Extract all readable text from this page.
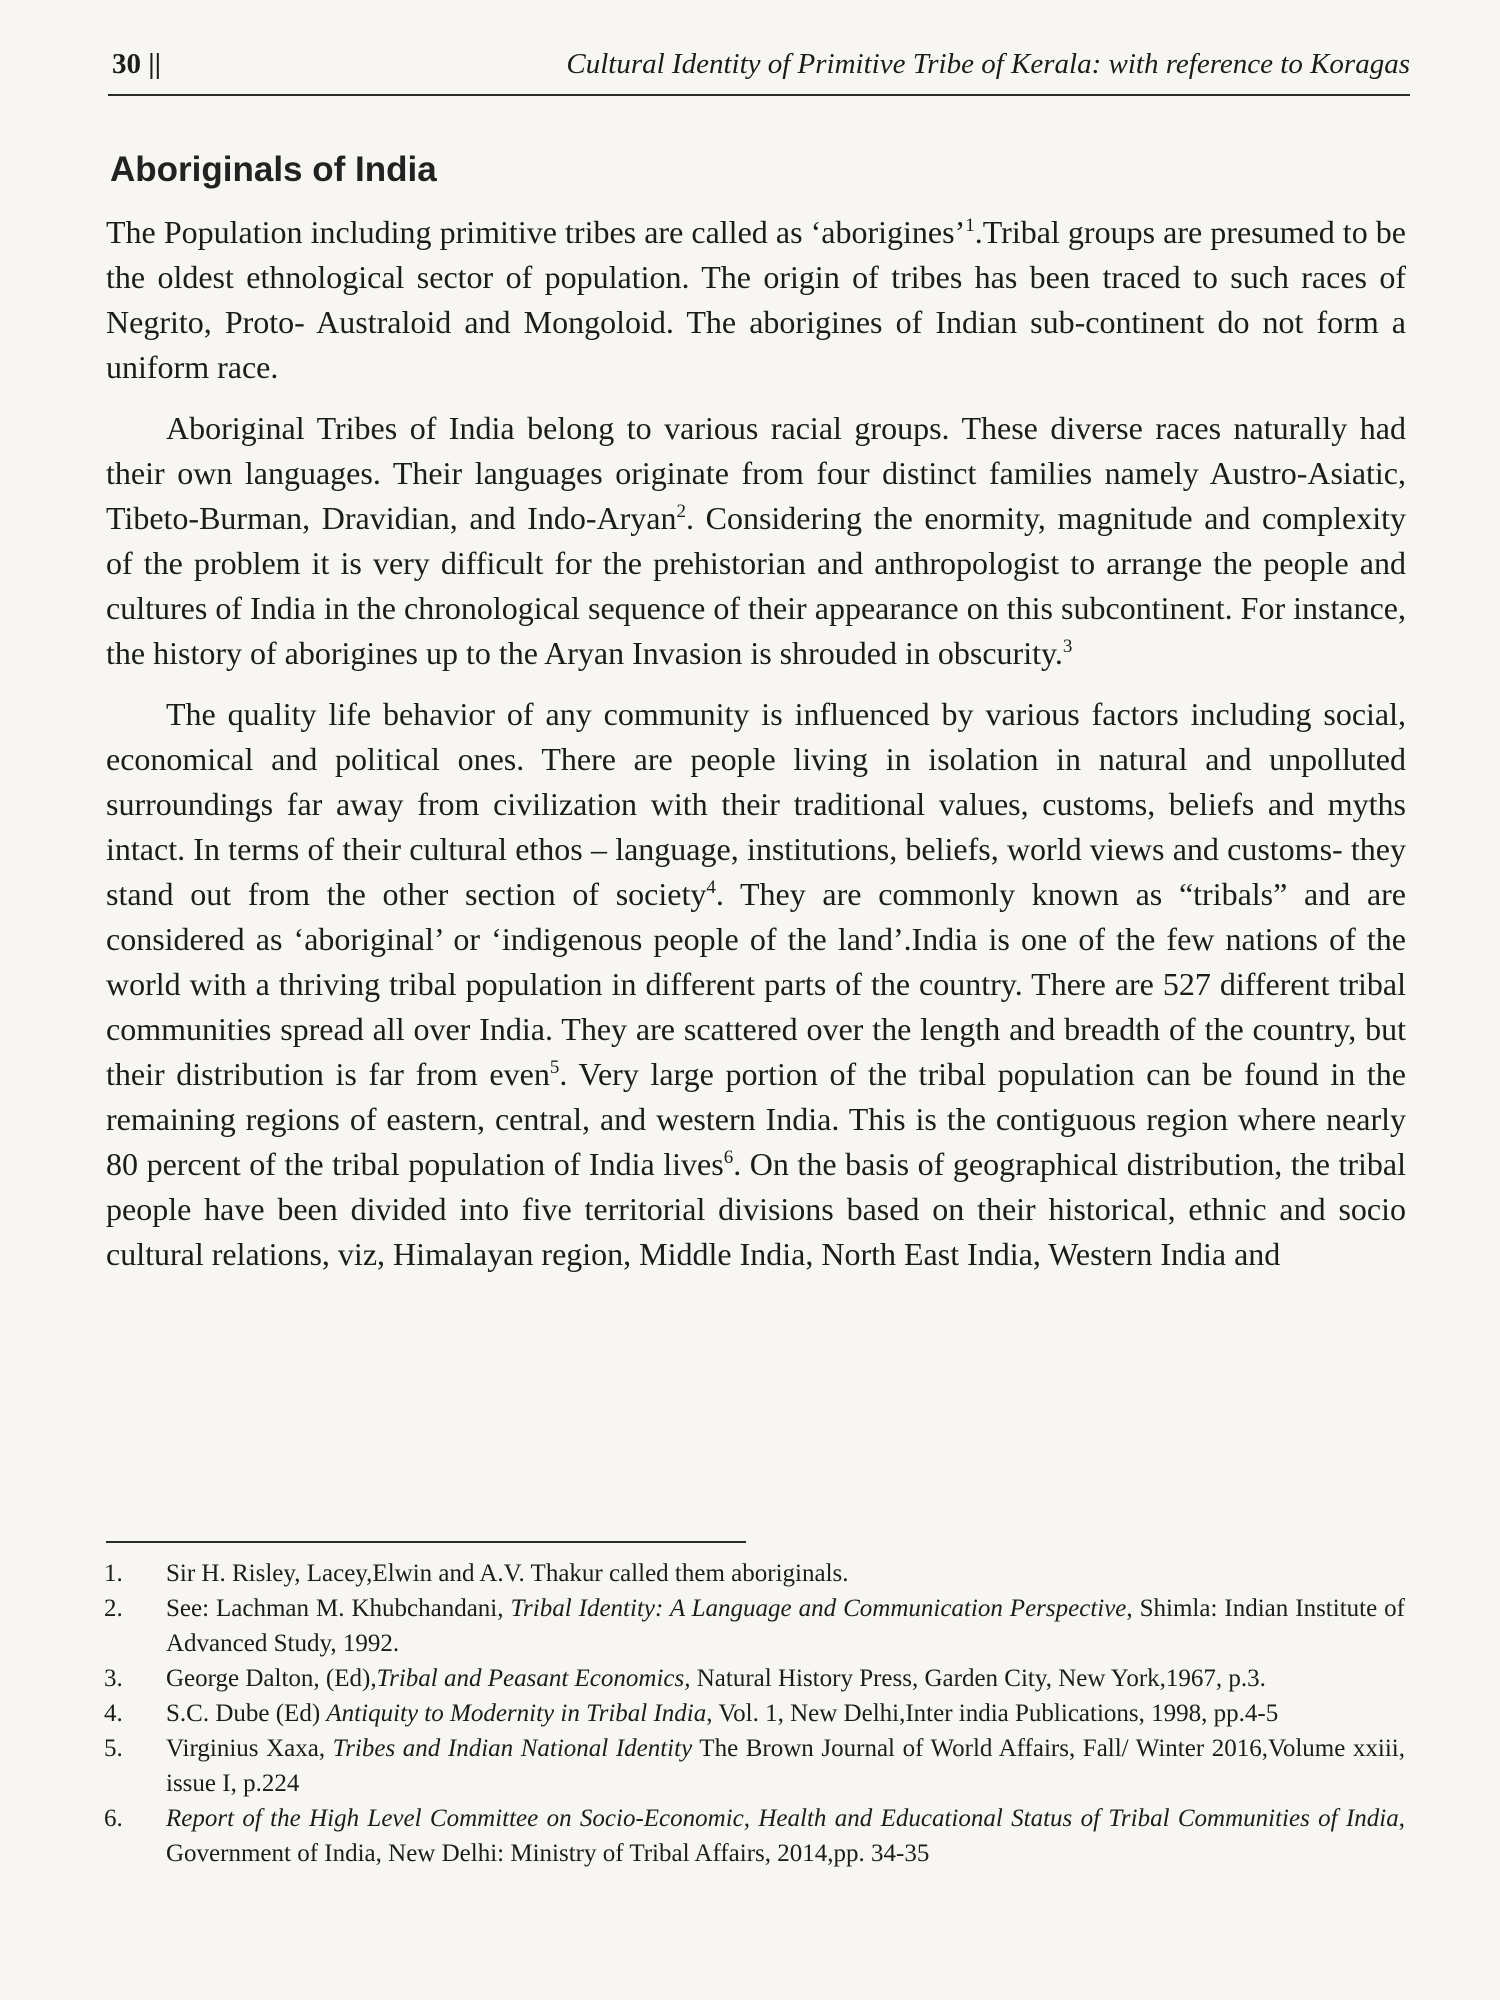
30 ||	Cultural Identity of Primitive Tribe of Kerala: with reference to Koragas
Aboriginals of India

The Population including primitive tribes are called as ‘aborigines’$^1$.Tribal groups are presumed to be the oldest ethnological sector of population. The origin of tribes has been traced to such races of Negrito, Proto- Australoid and Mongoloid. The aborigines of Indian sub-continent do not form a uniform race.

Aboriginal Tribes of India belong to various racial groups. These diverse races naturally had their own languages. Their languages originate from four distinct families namely Austro-Asiatic, Tibeto-Burman, Dravidian, and Indo-Aryan$^2$. Considering the enormity, magnitude and complexity of the problem it is very difficult for the prehistorian and anthropologist to arrange the people and cultures of India in the chronological sequence of their appearance on this subcontinent. For instance, the history of aborigines up to the Aryan Invasion is shrouded in obscurity.$^3$

The quality life behavior of any community is influenced by various factors including social, economical and political ones. There are people living in isolation in natural and unpolluted surroundings far away from civilization with their traditional values, customs, beliefs and myths intact. In terms of their cultural ethos – language, institutions, beliefs, world views and customs- they stand out from the other section of society$^4$. They are commonly known as “tribals” and are considered as ‘aboriginal’ or ‘indigenous people of the land’.India is one of the few nations of the world with a thriving tribal population in different parts of the country. There are 527 different tribal communities spread all over India. They are scattered over the length and breadth of the country, but their distribution is far from even$^5$. Very large portion of the tribal population can be found in the remaining regions of eastern, central, and western India. This is the contiguous region where nearly 80 percent of the tribal population of India lives$^6$. On the basis of geographical distribution, the tribal people have been divided into five territorial divisions based on their historical, ethnic and socio cultural relations, viz, Himalayan region, Middle India, North East India, Western India and

1.	Sir H. Risley, Lacey,Elwin and A.V. Thakur called them aboriginals.
2.	See: Lachman M. Khubchandani, Tribal Identity: A Language and Communication Perspective, Shimla: Indian Institute of Advanced Study, 1992.
3.	George Dalton, (Ed),Tribal and Peasant Economics, Natural History Press, Garden City, New York,1967, p.3.
4.	S.C. Dube (Ed) Antiquity to Modernity in Tribal India, Vol. 1, New Delhi,Inter india Publications, 1998, pp.4-5
5.	Virginius Xaxa, Tribes and Indian National Identity The Brown Journal of World Affairs, Fall/ Winter 2016,Volume xxiii, issue I, p.224
6.	Report of the High Level Committee on Socio-Economic, Health and Educational Status of Tribal Communities of India, Government of India, New Delhi: Ministry of Tribal Affairs, 2014,pp. 34-35
